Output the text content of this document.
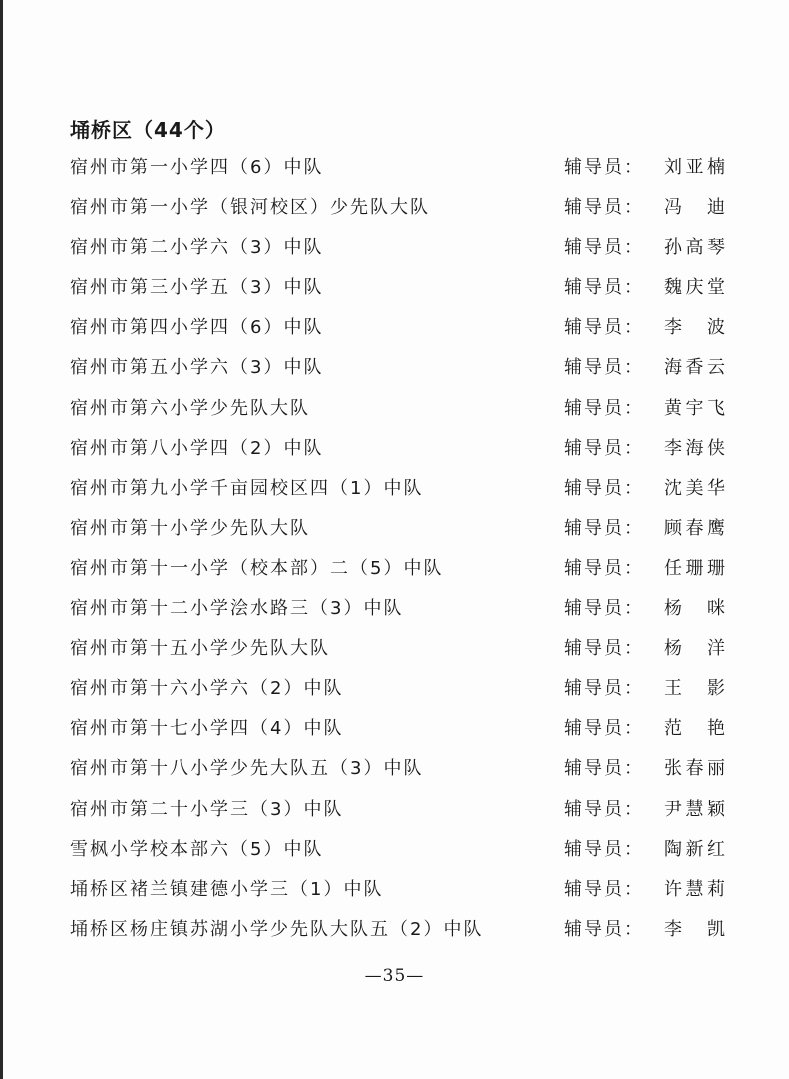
埇桥区（44个）
宿州市第一小学四（6）中队	辅导员： 刘亚楠
宿州市第一小学（银河校区）少先队大队	辅导员： 冯 迪
宿州市第二小学六（3）中队	辅导员： 孙高琴
宿州市第三小学五（3）中队	辅导员： 魏庆堂
宿州市第四小学四（6）中队	辅导员： 李 波
宿州市第五小学六（3）中队	辅导员： 海香云
宿州市第六小学少先队大队	辅导员： 黄宇飞
宿州市第八小学四（2）中队	辅导员： 李海侠
宿州市第九小学千亩园校区四（1）中队	辅导员： 沈美华
宿州市第十小学少先队大队	辅导员： 顾春鹰
宿州市第十一小学（校本部）二（5）中队	辅导员： 任珊珊
宿州市第十二小学浍水路三（3）中队	辅导员： 杨 咪
宿州市第十五小学少先队大队	辅导员： 杨 洋
宿州市第十六小学六（2）中队	辅导员： 王 影
宿州市第十七小学四（4）中队	辅导员： 范 艳
宿州市第十八小学少先大队五（3）中队	辅导员： 张春丽
宿州市第二十小学三（3）中队	辅导员： 尹慧颖
雪枫小学校本部六（5）中队	辅导员： 陶新红
埇桥区褚兰镇建德小学三（1）中队	辅导员： 许慧莉
埇桥区杨庄镇苏湖小学少先队大队五（2）中队	辅导员： 李 凯
—35—
